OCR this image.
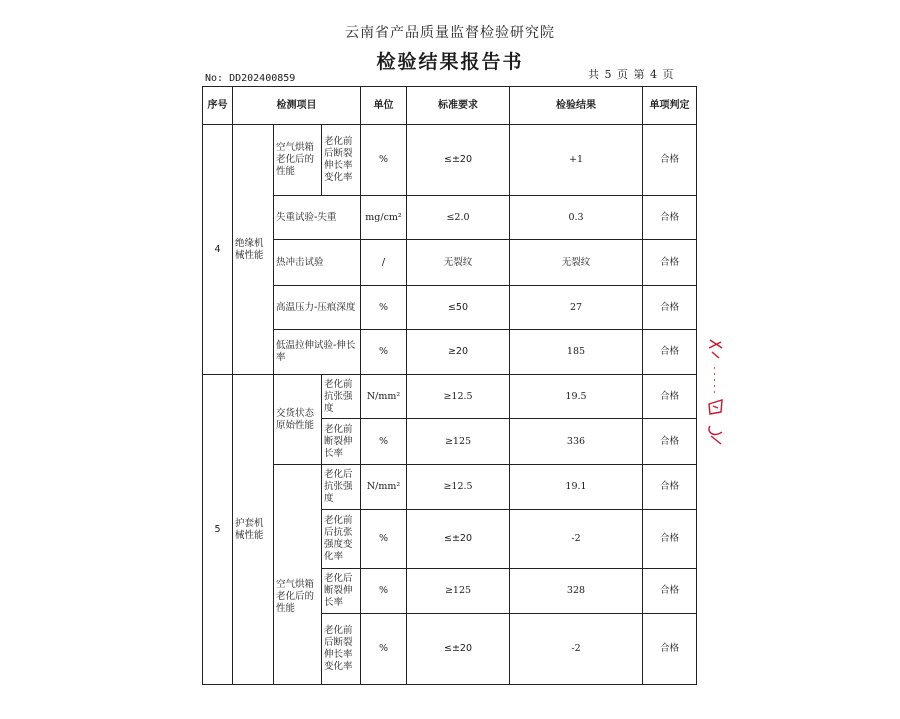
云南省产品质量监督检验研究院
检验结果报告书
No: DD202400859	共 5 页 第 4 页
序号	检测项目			单位	标准要求	检验结果	单项判定
4	绝缘机械性能	空气烘箱老化后的性能	老化前后断裂伸长率变化率	%	≤±20	+1	合格
		失重试验-失重		mg/cm²	≤2.0	0.3	合格
		热冲击试验		/	无裂纹	无裂纹	合格
		高温压力-压痕深度		%	≤50	27	合格
		低温拉伸试验-伸长率		%	≥20	185	合格
5	护套机械性能	交货状态原始性能	老化前抗张强度	N/mm²	≥12.5	19.5	合格
			老化前断裂伸长率	%	≥125	336	合格
			老化后抗张强度	N/mm²	≥12.5	19.1	合格
		空气烘箱老化后的性能	老化前后抗张强度变化率	%	≤±20	-2	合格
			老化后断裂伸长率	%	≥125	328	合格
			老化前后断裂伸长率变化率	%	≤±20	-2	合格
